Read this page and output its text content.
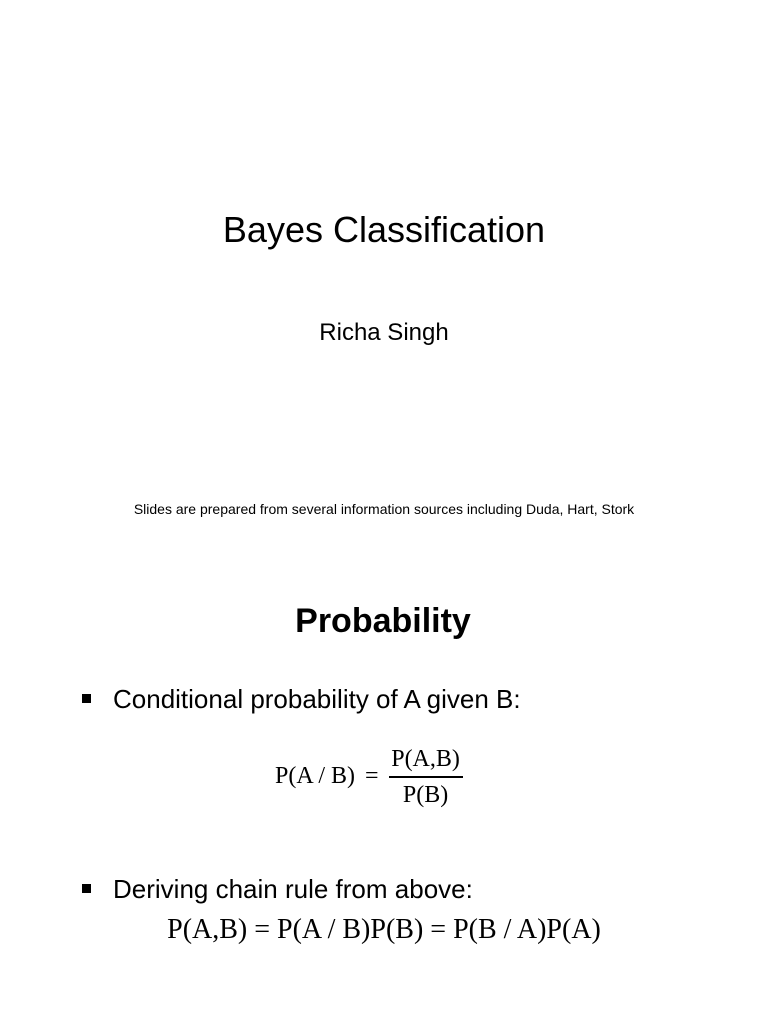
Bayes Classification
Richa Singh
Slides are prepared from several information sources including Duda, Hart, Stork
Probability
Conditional probability of A given B:
$P(A / B) = \frac{P(A,B)}{P(B)}$
Deriving chain rule from above:
P(A,B) = P(A / B)P(B) = P(B / A)P(A)
